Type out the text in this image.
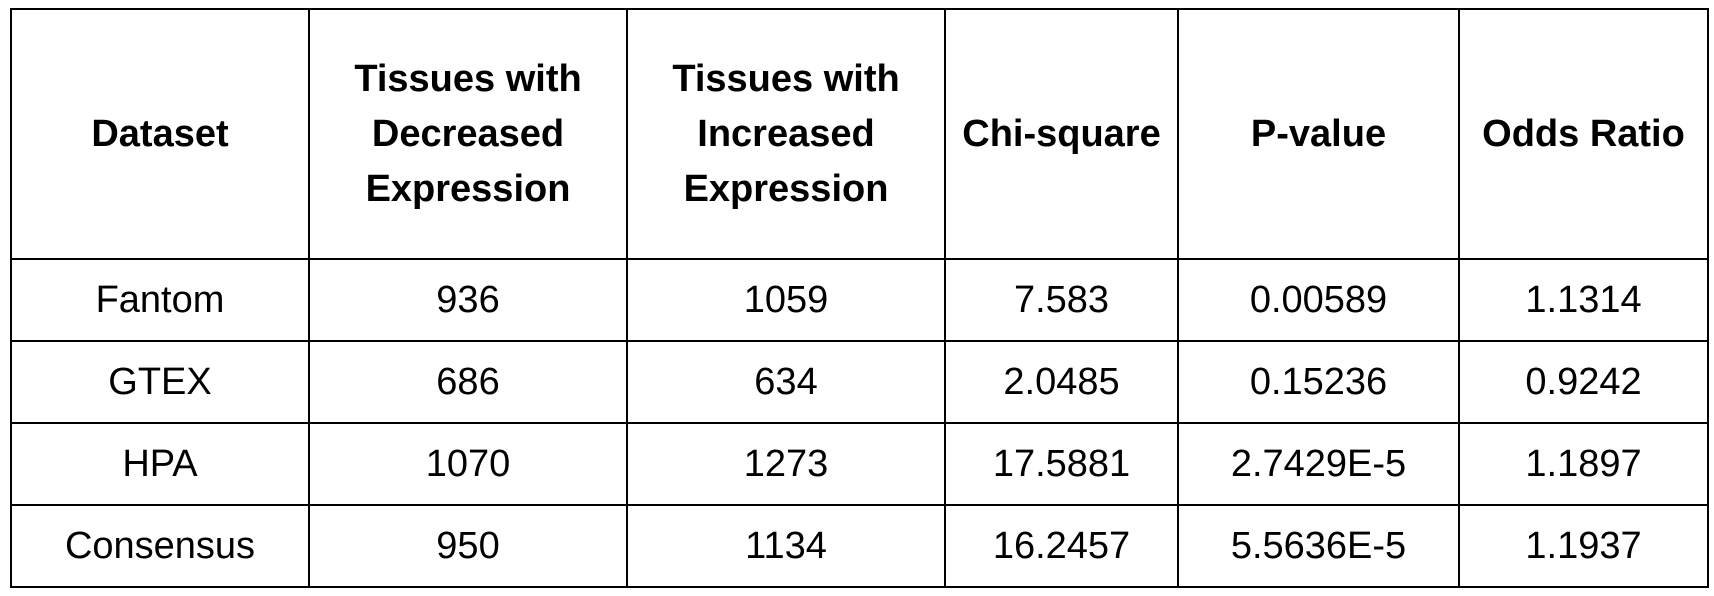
Dataset	Tissues with Decreased Expression	Tissues with Increased Expression	Chi-square	P-value	Odds Ratio
Fantom	936	1059	7.583	0.00589	1.1314
GTEX	686	634	2.0485	0.15236	0.9242
HPA	1070	1273	17.5881	2.7429E-5	1.1897
Consensus	950	1134	16.2457	5.5636E-5	1.1937
